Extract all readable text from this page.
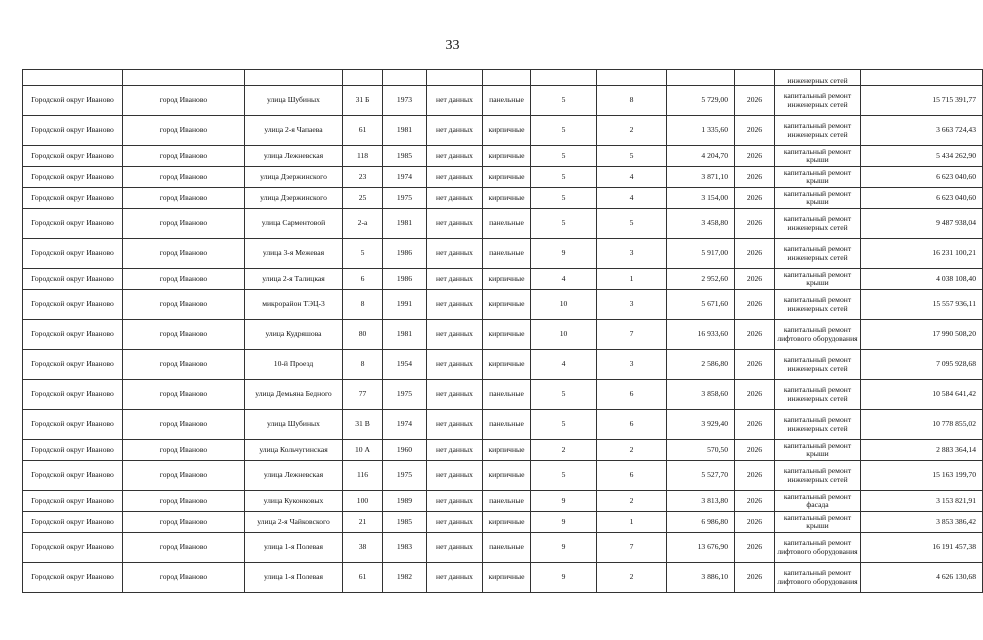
33
											инженерных сетей	
Городской округ Иваново	город Иваново	улица Шубиных	31 Б	1973	нет данных	панельные	5	8	5 729,00	2026	капитальный ремонт инженерных сетей	15 715 391,77
Городской округ Иваново	город Иваново	улица 2-я Чапаева	61	1981	нет данных	кирпичные	5	2	1 335,60	2026	капитальный ремонт инженерных сетей	3 663 724,43
Городской округ Иваново	город Иваново	улица Лежневская	118	1985	нет данных	кирпичные	5	5	4 204,70	2026	капитальный ремонт крыши	5 434 262,90
Городской округ Иваново	город Иваново	улица Дзержинского	23	1974	нет данных	кирпичные	5	4	3 871,10	2026	капитальный ремонт крыши	6 623 040,60
Городской округ Иваново	город Иваново	улица Дзержинского	25	1975	нет данных	кирпичные	5	4	3 154,00	2026	капитальный ремонт крыши	6 623 040,60
Городской округ Иваново	город Иваново	улица Сарментовой	2-а	1981	нет данных	панельные	5	5	3 458,80	2026	капитальный ремонт инженерных сетей	9 487 938,04
Городской округ Иваново	город Иваново	улица 3-я Межевая	5	1986	нет данных	панельные	9	3	5 917,00	2026	капитальный ремонт инженерных сетей	16 231 100,21
Городской округ Иваново	город Иваново	улица 2-я Талицкая	6	1986	нет данных	кирпичные	4	1	2 952,60	2026	капитальный ремонт крыши	4 038 108,40
Городской округ Иваново	город Иваново	микрорайон ТЭЦ-3	8	1991	нет данных	кирпичные	10	3	5 671,60	2026	капитальный ремонт инженерных сетей	15 557 936,11
Городской округ Иваново	город Иваново	улица Кудряшова	80	1981	нет данных	кирпичные	10	7	16 933,60	2026	капитальный ремонт лифтового оборудования	17 990 508,20
Городской округ Иваново	город Иваново	10-й Проезд	8	1954	нет данных	кирпичные	4	3	2 586,80	2026	капитальный ремонт инженерных сетей	7 095 928,68
Городской округ Иваново	город Иваново	улица Демьяна Бедного	77	1975	нет данных	панельные	5	6	3 858,60	2026	капитальный ремонт инженерных сетей	10 584 641,42
Городской округ Иваново	город Иваново	улица Шубиных	31 В	1974	нет данных	панельные	5	6	3 929,40	2026	капитальный ремонт инженерных сетей	10 778 855,02
Городской округ Иваново	город Иваново	улица Кольчугинская	10 А	1960	нет данных	кирпичные	2	2	570,50	2026	капитальный ремонт крыши	2 883 364,14
Городской округ Иваново	город Иваново	улица Лежневская	116	1975	нет данных	кирпичные	5	6	5 527,70	2026	капитальный ремонт инженерных сетей	15 163 199,70
Городской округ Иваново	город Иваново	улица Куконковых	100	1989	нет данных	панельные	9	2	3 813,80	2026	капитальный ремонт фасада	3 153 821,91
Городской округ Иваново	город Иваново	улица 2-я Чайковского	21	1985	нет данных	кирпичные	9	1	6 986,80	2026	капитальный ремонт крыши	3 853 386,42
Городской округ Иваново	город Иваново	улица 1-я Полевая	38	1983	нет данных	панельные	9	7	13 676,90	2026	капитальный ремонт лифтового оборудования	16 191 457,38
Городской округ Иваново	город Иваново	улица 1-я Полевая	61	1982	нет данных	кирпичные	9	2	3 886,10	2026	капитальный ремонт лифтового оборудования	4 626 130,68
